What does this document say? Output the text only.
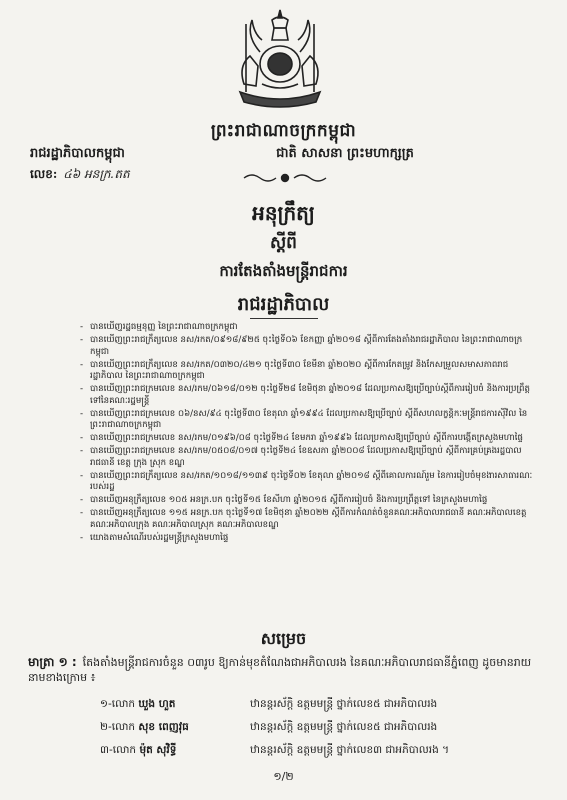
ព្រះរាជាណាចក្រកម្ពុជា
រាជរដ្ឋាភិបាលកម្ពុជា	ជាតិ សាសនា ព្រះមហាក្សត្រ
លេខ: ៤៦ អនក្រ.តត
អនុក្រឹត្យ
ស្តីពី
ការតែងតាំងមន្ត្រីរាជការ
រាជរដ្ឋាភិបាល
- បានឃើញរដ្ឋធម្មនុញ្ញ នៃព្រះរាជាណាចក្រកម្ពុជា
- បានឃើញព្រះរាជក្រឹត្យលេខ នស/រកត/០៩១៨/៩២៥ ចុះថ្ងៃទី០៦ ខែកញ្ញា ឆ្នាំ២០១៨ ស្តីពីការតែងតាំងរាជរដ្ឋាភិបាល នៃព្រះរាជាណាចក្រកម្ពុជា
- បានឃើញព្រះរាជក្រឹត្យលេខ នស/រកត/០៣២០/៤២១ ចុះថ្ងៃទី៣០ ខែមីនា ឆ្នាំ២០២០ ស្តីពីការកែតម្រូវ និងកែសម្រួលសមាសភាពរាជរដ្ឋាភិបាល នៃព្រះរាជាណាចក្រកម្ពុជា
- បានឃើញព្រះរាជក្រមលេខ នស/រកម/០៦១៨/០១២ ចុះថ្ងៃទី២៨ ខែមិថុនា ឆ្នាំ២០១៨ ដែលប្រកាសឱ្យប្រើច្បាប់ស្តីពីការរៀបចំ និងការប្រព្រឹត្តទៅនៃគណៈរដ្ឋមន្ត្រី
- បានឃើញព្រះរាជក្រមលេខ ០៦/នស/៩៤ ចុះថ្ងៃទី៣០ ខែតុលា ឆ្នាំ១៩៩៤ ដែលប្រកាសឱ្យប្រើច្បាប់ ស្តីពីសហលក្ខន្តិកៈមន្ត្រីរាជការស៊ីវិល នៃព្រះរាជាណាចក្រកម្ពុជា
- បានឃើញព្រះរាជក្រមលេខ នស/រកម/០១៩៦/០៨ ចុះថ្ងៃទី២៤ ខែមករា ឆ្នាំ១៩៩៦ ដែលប្រកាសឱ្យប្រើច្បាប់ ស្តីពីការបង្កើតក្រសួងមហាផ្ទៃ
- បានឃើញព្រះរាជក្រមលេខ នស/រកម/០៥០៨/០១៧ ចុះថ្ងៃទី២៤ ខែឧសភា ឆ្នាំ២០០៨ ដែលប្រកាសឱ្យប្រើច្បាប់ ស្តីពីការគ្រប់គ្រងរដ្ឋបាលរាជធានី ខេត្ត ក្រុង ស្រុក ខណ្ឌ
- បានឃើញព្រះរាជក្រឹត្យលេខ នស/រកត/១០១៨/១១៣៩ ចុះថ្ងៃទី០២ ខែតុលា ឆ្នាំ២០១៨ ស្តីពីគោលការណ៍រួម នៃការរៀបចំមុខងារសាធារណៈរបស់រដ្ឋ
- បានឃើញអនុក្រឹត្យលេខ ១០៥ អនក្រ.បក ចុះថ្ងៃទី១៥ ខែសីហា ឆ្នាំ២០១៥ ស្តីពីការរៀបចំ និងការប្រព្រឹត្តទៅ នៃក្រសួងមហាផ្ទៃ
- បានឃើញអនុក្រឹត្យលេខ ១១៥ អនក្រ.បក ចុះថ្ងៃទី១៧ ខែមិថុនា ឆ្នាំ២០២២ ស្តីពីការកំណត់ចំនួនគណៈអភិបាលរាជធានី គណៈអភិបាលខេត្ត គណៈអភិបាលក្រុង គណៈអភិបាលស្រុក គណៈអភិបាលខណ្ឌ
- យោងតាមសំណើរបស់រដ្ឋមន្ត្រីក្រសួងមហាផ្ទៃ
សម្រេច
មាត្រា ១ : តែងតាំងមន្ត្រីរាជការចំនួន ០៣រូប ឱ្យកាន់មុខតំណែងជាអភិបាលរង នៃគណៈអភិបាលរាជធានីភ្នំពេញ ដូចមានរាយនាមខាងក្រោម ៖
១-លោក ឃួង ហួត	ឋានន្តរស័ក្តិ ឧត្តមមន្ត្រី ថ្នាក់លេខ៥ ជាអភិបាលរង
២-លោក សុខ ពេញវុធ	ឋានន្តរស័ក្តិ ឧត្តមមន្ត្រី ថ្នាក់លេខ៥ ជាអភិបាលរង
៣-លោក ម៉ុត សុវិទ្ធី	ឋានន្តរស័ក្តិ ឧត្តមមន្ត្រី ថ្នាក់លេខ៣ ជាអភិបាលរង ។
១/២
